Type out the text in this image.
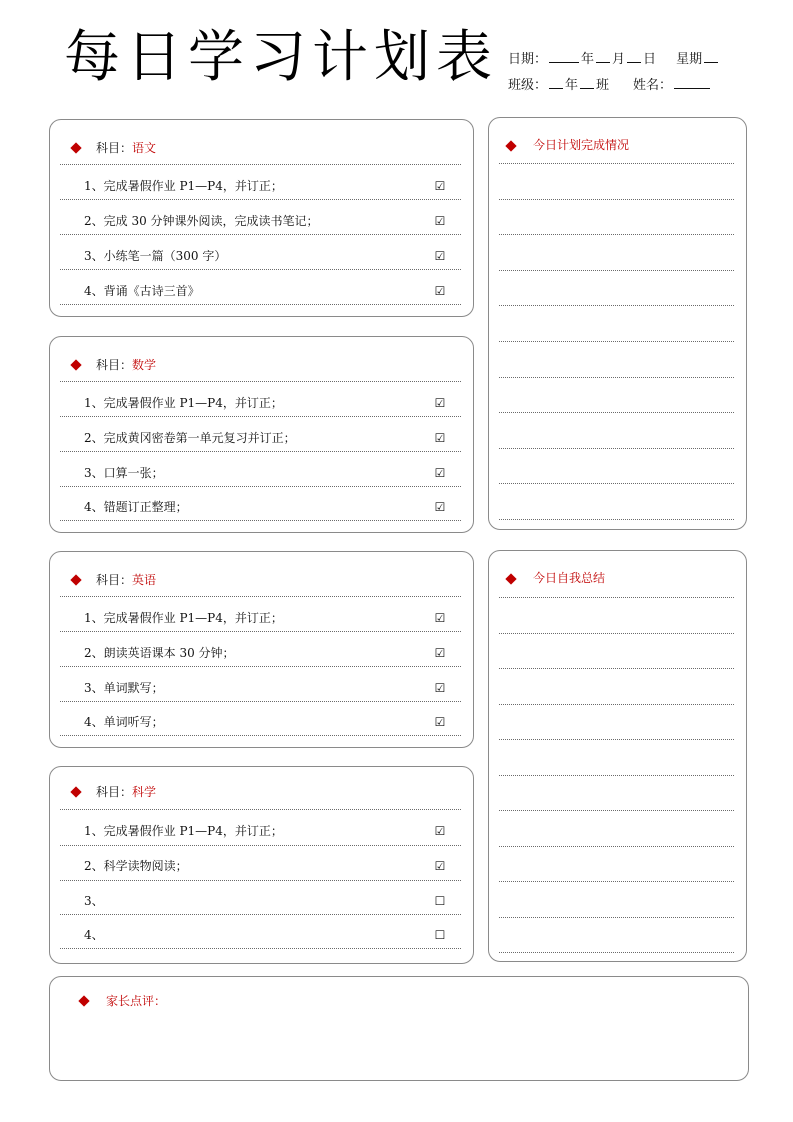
每日学习计划表 日期：	年 月 日 星期
班级： 年 班 姓名：
科目：语文
1、完成暑假作业 P1—P4，并订正；	☑
2、完成 30 分钟课外阅读，完成读书笔记；	☑
3、小练笔一篇（300 字）	☑
4、背诵《古诗三首》	☑
科目：数学
1、完成暑假作业 P1—P4，并订正；	☑
2、完成黄冈密卷第一单元复习并订正；	☑
3、口算一张；	☑
4、错题订正整理；	☑
科目：英语
1、完成暑假作业 P1—P4，并订正；	☑
2、朗读英语课本 30 分钟；	☑
3、单词默写；	☑
4、单词听写；	☑
科目：科学
1、完成暑假作业 P1—P4，并订正；	☑
2、科学读物阅读；	☑
3、	☐
4、	☐
今日计划完成情况
今日自我总结
家长点评：
